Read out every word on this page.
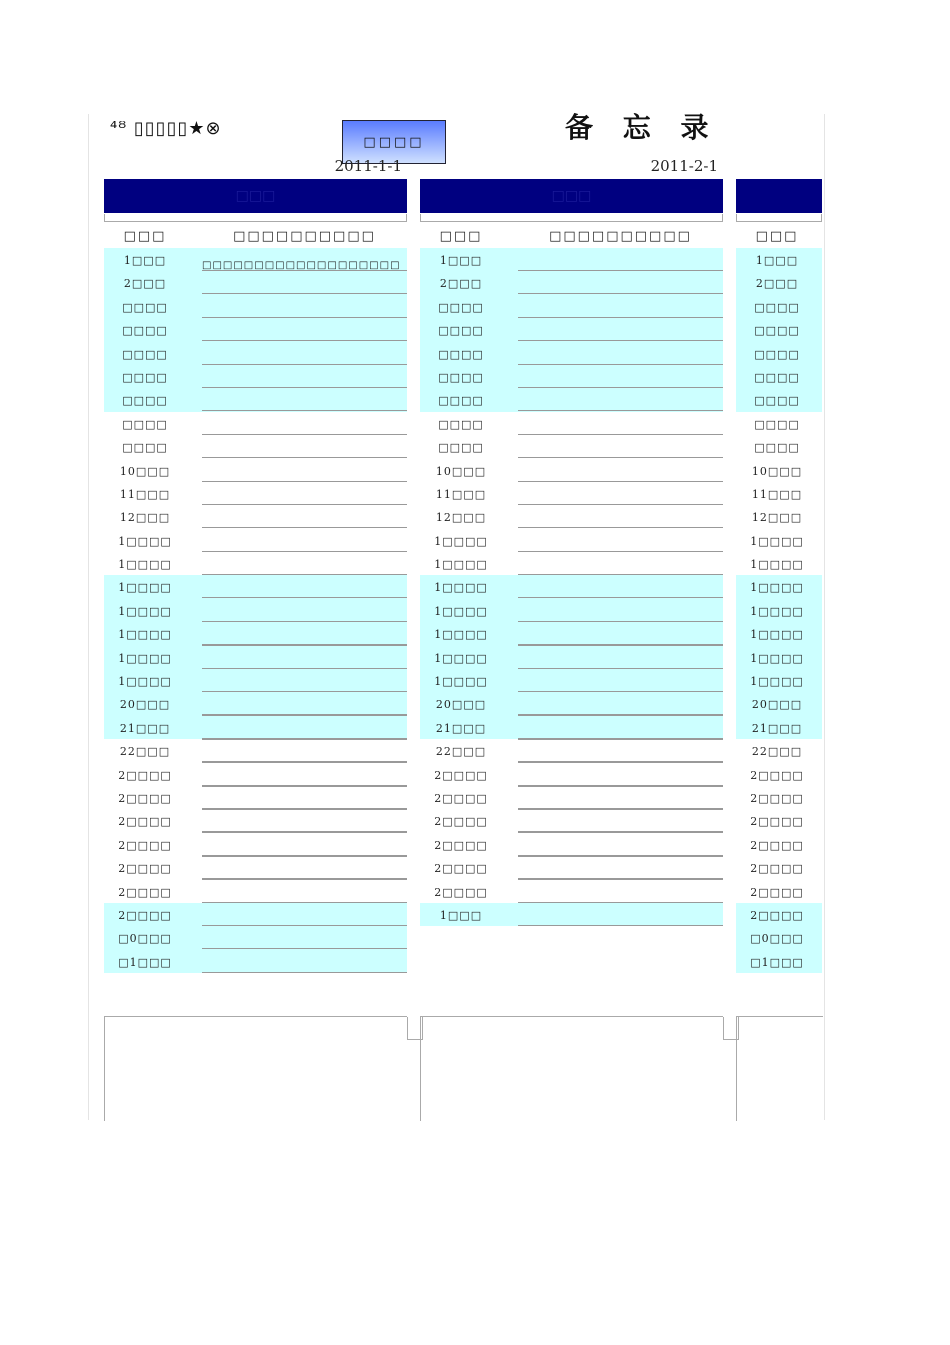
⁴ᴽ ▯▯▯▯▯★⊗
□□□□	备 忘 录
2011-1-1	2011-2-1
□□□
□□□	□□□□□□□□□□
1□□□	□□□□□□□□□□□□□□□□□□□
2□□□
□□□□
□□□□
□□□□
□□□□
□□□□
□□□□
□□□□
10□□□
11□□□
12□□□
1□□□□
1□□□□
1□□□□
1□□□□
1□□□□
1□□□□
1□□□□
20□□□
21□□□
22□□□
2□□□□
2□□□□
2□□□□
2□□□□
2□□□□
2□□□□
2□□□□
□0□□□
□1□□□
□□□
□□□	□□□□□□□□□□
1□□□
2□□□
□□□□
□□□□
□□□□
□□□□
□□□□
□□□□
□□□□
10□□□
11□□□
12□□□
1□□□□
1□□□□
1□□□□
1□□□□
1□□□□
1□□□□
1□□□□
20□□□
21□□□
22□□□
2□□□□
2□□□□
2□□□□
2□□□□
2□□□□
2□□□□
1□□□
□□□
1□□□
2□□□
□□□□
□□□□
□□□□
□□□□
□□□□
□□□□
□□□□
10□□□
11□□□
12□□□
1□□□□
1□□□□
1□□□□
1□□□□
1□□□□
1□□□□
1□□□□
20□□□
21□□□
22□□□
2□□□□
2□□□□
2□□□□
2□□□□
2□□□□
2□□□□
2□□□□
□0□□□
□1□□□
